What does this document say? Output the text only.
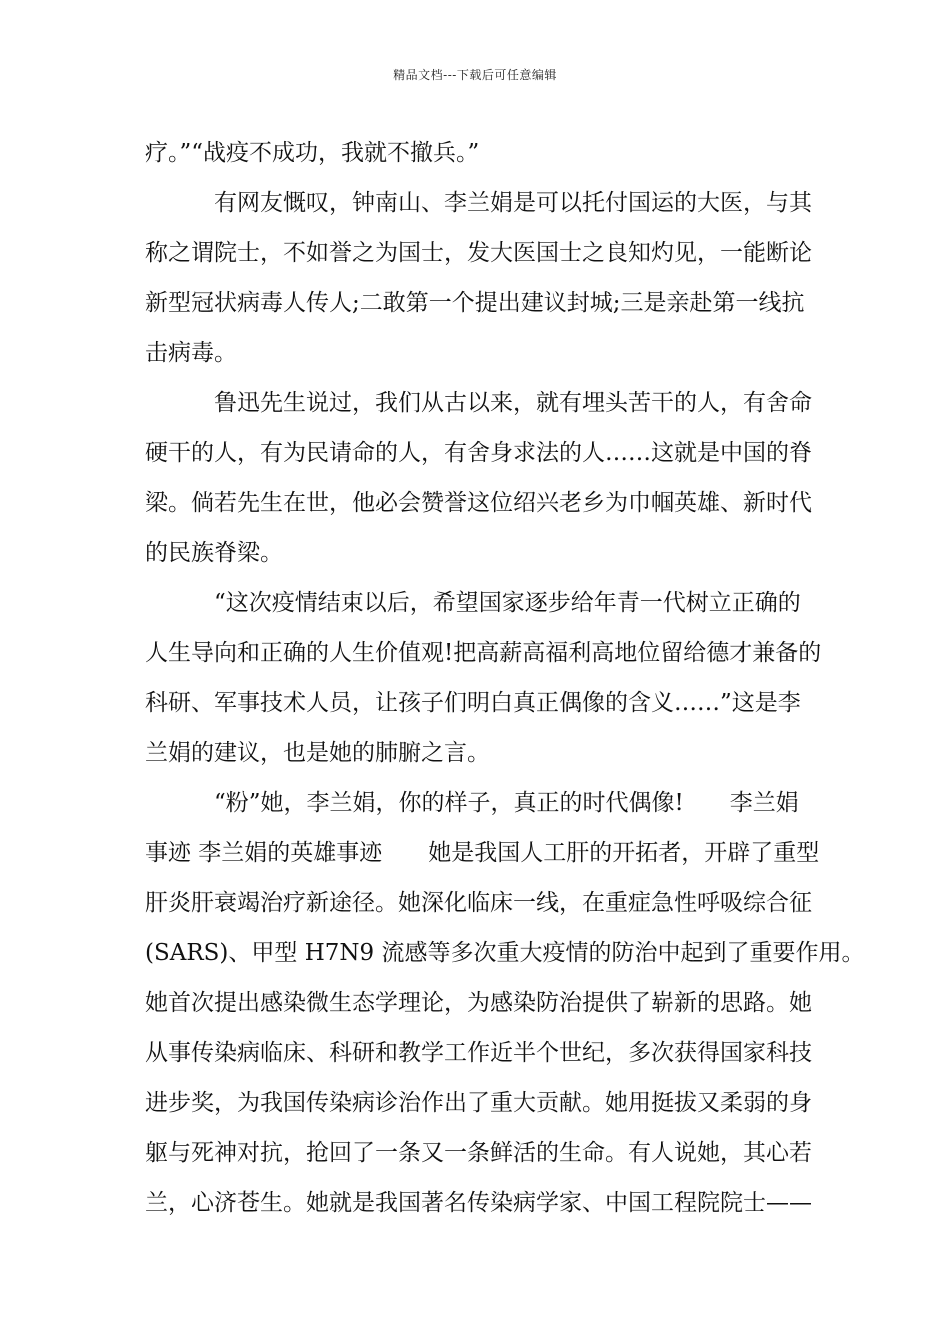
精品文档---下载后可任意编辑
疗。”“战疫不成功，我就不撤兵。”
有网友慨叹，钟南山、李兰娟是可以托付国运的大医，与其
称之谓院士，不如誉之为国士，发大医国士之良知灼见，一能断论
新型冠状病毒人传人;二敢第一个提出建议封城;三是亲赴第一线抗
击病毒。
鲁迅先生说过，我们从古以来，就有埋头苦干的人，有舍命
硬干的人，有为民请命的人，有舍身求法的人……这就是中国的脊
梁。倘若先生在世，他必会赞誉这位绍兴老乡为巾帼英雄、新时代
的民族脊梁。
“这次疫情结束以后，希望国家逐步给年青一代树立正确的
人生导向和正确的人生价值观!把高薪高福利高地位留给德才兼备的
科研、军事技术人员，让孩子们明白真正偶像的含义……”这是李
兰娟的建议，也是她的肺腑之言。
“粉”她，李兰娟，你的样子，真正的时代偶像!　　李兰娟
事迹 李兰娟的英雄事迹　　她是我国人工肝的开拓者，开辟了重型
肝炎肝衰竭治疗新途径。她深化临床一线，在重症急性呼吸综合征
(SARS)、甲型 H7N9 流感等多次重大疫情的防治中起到了重要作用。
她首次提出感染微生态学理论，为感染防治提供了崭新的思路。她
从事传染病临床、科研和教学工作近半个世纪，多次获得国家科技
进步奖，为我国传染病诊治作出了重大贡献。她用挺拔又柔弱的身
躯与死神对抗，抢回了一条又一条鲜活的生命。有人说她，其心若
兰，心济苍生。她就是我国著名传染病学家、中国工程院院士——
